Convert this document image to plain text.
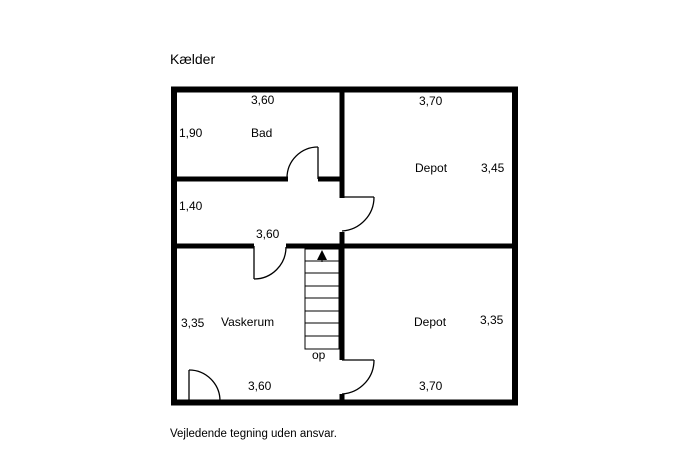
Kælder
op
3,60
1,90	Bad
3,70
Depot	3,45
1,40
3,60
3,35 Vaskerum
3,60
Depot	3,35
3,70
Vejledende tegning uden ansvar.
